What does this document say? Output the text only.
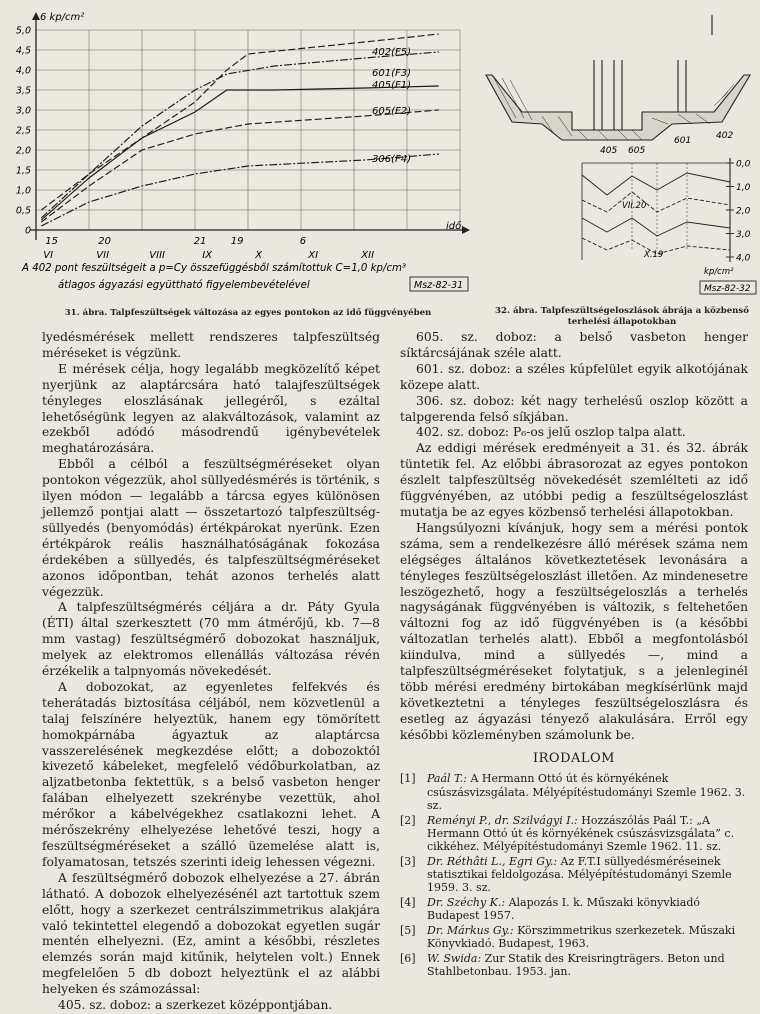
5,0
4,5
4,0
3,5
3,0
2,5
2,0
1,5
1,0
0,5
0
402(F5)
601(F3)
405(F1)
605(F2)
306(F4)
15	20	21 19	6
VI	VII	VIII	IX	X	XI	XII
6 kp/cm²
idő
A 402 pont feszültségeit a p=Cy összefüggésből számítottuk C=1,0 kp/cm³
átlagos ágyazási együttható figyelembevételével	Msz-82-31
31. ábra. Talpfeszültségek változása az egyes pontokon az idő függvényében
405 605
601	402
0,0
1,0
2,0
3,0
4,0
VII.20
X.19
kp/cm²
Msz-82-32
32. ábra. Talpfeszültségeloszlások ábrája a közbenső terhelési állapotokban

lyedésmérések mellett rendszeres talpfeszültség méréseket is végzünk.

E mérések célja, hogy legalább megközelítő képet nyerjünk az alaptárcsára ható talajfeszültségek tényleges eloszlásának jellegéről, s ezáltal lehetőségünk legyen az alakváltozások, valamint az ezekből adódó másodrendű igénybevételek meghatározására.

Ebből a célból a feszültségméréseket olyan pontokon végezzük, ahol süllyedésmérés is történik, s ilyen módon — legalább a tárcsa egyes különösen jellemző pontjai alatt — összetartozó talpfeszültség-süllyedés (benyomódás) értékpárokat nyerünk. Ezen értékpárok reális használhatóságának fokozása érdekében a süllyedés, és talpfeszültségméréseket azonos időpontban, tehát azonos terhelés alatt végezzük.

A talpfeszültségmérés céljára a dr. Páty Gyula (ÉTI) által szerkesztett (70 mm átmérőjű, kb. 7—8 mm vastag) feszültségmérő dobozokat használjuk, melyek az elektromos ellenállás változása révén érzékelik a talpnyomás növekedését.

A dobozokat, az egyenletes felfekvés és teherátadás biztosítása céljából, nem közvetlenül a talaj felszínére helyeztük, hanem egy tömörített homokpárnába ágyaztuk az alaptárcsa vasszerelésének megkezdése előtt; a dobozoktól kivezető kábeleket, megfelelő védőburkolatban, az aljzatbetonba fektettük, s a belső vasbeton henger falában elhelyezett szekrénybe vezettük, ahol mérőkor a kábelvégekhez csatlakozni lehet. A mérőszekrény elhelyezése lehetővé teszi, hogy a feszültségméréseket a szálló üzemelése alatt is, folyamatosan, tetszés szerinti ideig lehessen végezni.

A feszültségmérő dobozok elhelyezése a 27. ábrán látható. A dobozok elhelyezésénél azt tartottuk szem előtt, hogy a szerkezet centrálszimmetrikus alakjára való tekintettel elegendő a dobozokat egyetlen sugár mentén elhelyezni. (Ez, amint a későbbi, részletes elemzés során majd kitűnik, helytelen volt.) Ennek megfelelően 5 db dobozt helyeztünk el az alábbi helyeken és számozással:

405. sz. doboz: a szerkezet középpontjában.

605. sz. doboz: a belső vasbeton henger síktárcsájának széle alatt.

601. sz. doboz: a széles kúpfelület egyik alkotójának közepe alatt.

306. sz. doboz: két nagy terhelésű oszlop között a talpgerenda felső síkjában.

402. sz. doboz: P₆-os jelű oszlop talpa alatt.

Az eddigi mérések eredményeit a 31. és 32. ábrák tüntetik fel. Az előbbi ábrasorozat az egyes pontokon észlelt talpfeszültség növekedését szemlélteti az idő függvényében, az utóbbi pedig a feszültségeloszlást mutatja be az egyes közbenső terhelési állapotokban.

Hangsúlyozni kívánjuk, hogy sem a mérési pontok száma, sem a rendelkezésre álló mérések száma nem elégséges általános következtetések levonására a tényleges feszültségeloszlást illetően. Az mindenesetre leszögezhető, hogy a feszültségeloszlás a terhelés nagyságának függvényében is változik, s feltehetően változni fog az idő függvényében is (a későbbi változatlan terhelés alatt). Ebből a megfontolásból kiindulva, mind a süllyedés —, mind a talpfeszültségméréseket folytatjuk, s a jelenleginél több mérési eredmény birtokában megkísérlünk majd következtetni a tényleges feszültségeloszlásra és esetleg az ágyazási tényező alakulására. Erről egy későbbi közleményben számolunk be.

IRODALOM

[1]	Paál T.: A Hermann Ottó út és környékének csúszásvizsgálata. Mélyépítéstudományi Szemle 1962. 3. sz.
[2]	Reményi P., dr. Szilvágyi I.: Hozzászólás Paál T.: „A Hermann Ottó út és környékének csúszásvizsgálata” c. cikkéhez. Mélyépítéstudományi Szemle 1962. 11. sz.
[3]	Dr. Réthâti L., Egri Gy.: Az F.T.I süllyedésméréseinek statisztikai feldolgozása. Mélyépítéstudományi Szemle 1959. 3. sz.
[4]	Dr. Széchy K.: Alapozás I. k. Műszaki könyvkiadó Budapest 1957.
[5]	Dr. Márkus Gy.: Körszimmetrikus szerkezetek. Műszaki Könyvkiadó. Budapest, 1963.
[6]	W. Swida: Zur Statik des Kreisringträgers. Beton und Stahlbetonbau. 1953. jan.
